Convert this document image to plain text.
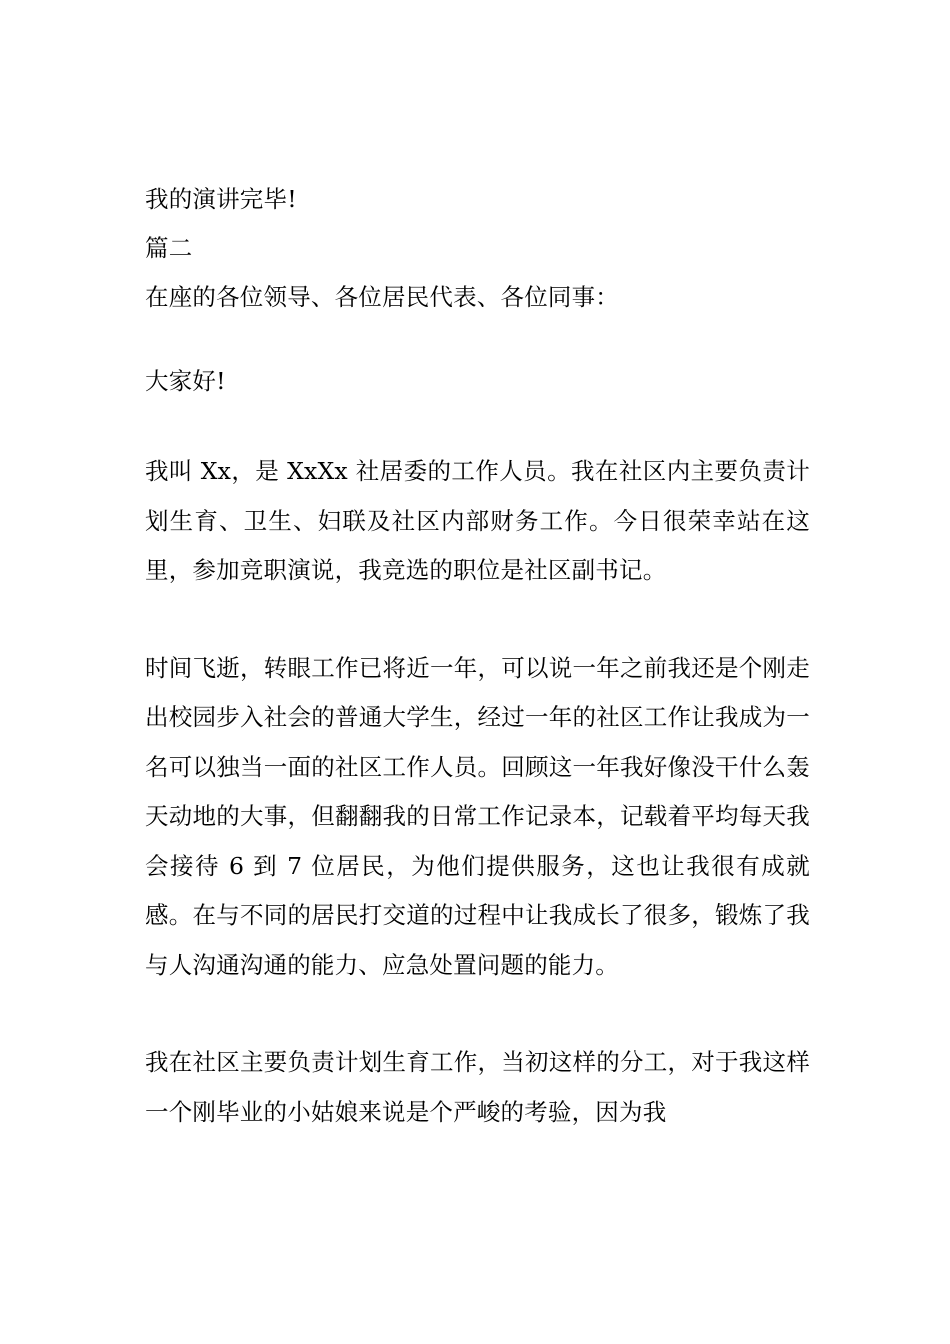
我的演讲完毕!
篇二
在座的各位领导、各位居民代表、各位同事：
大家好!
我叫 Xx，是 XxXx 社居委的工作人员。我在社区内主要负责计划生育、卫生、妇联及社区内部财务工作。今日很荣幸站在这里，参加竞职演说，我竞选的职位是社区副书记。
时间飞逝，转眼工作已将近一年，可以说一年之前我还是个刚走出校园步入社会的普通大学生，经过一年的社区工作让我成为一名可以独当一面的社区工作人员。回顾这一年我好像没干什么轰天动地的大事，但翻翻我的日常工作记录本，记载着平均每天我会接待 6 到 7 位居民，为他们提供服务，这也让我很有成就感。在与不同的居民打交道的过程中让我成长了很多，锻炼了我与人沟通沟通的能力、应急处置问题的能力。
我在社区主要负责计划生育工作，当初这样的分工，对于我这样一个刚毕业的小姑娘来说是个严峻的考验，因为我
